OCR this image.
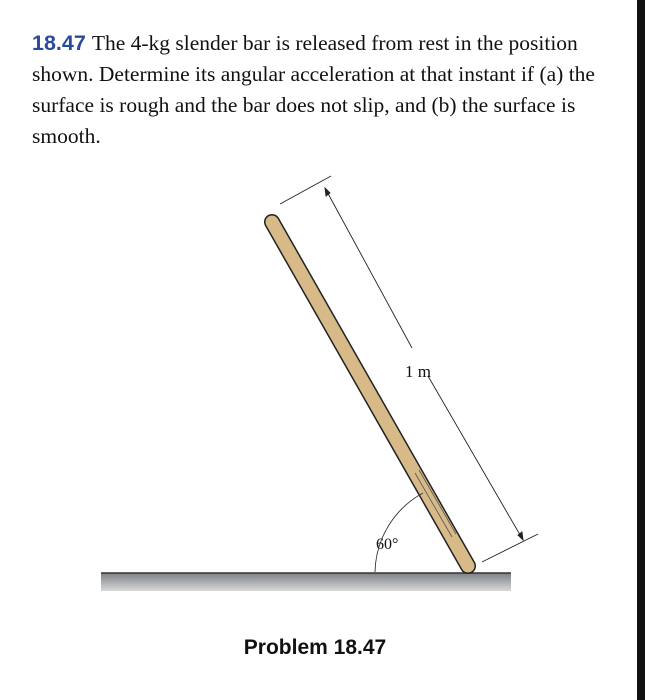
18.47 The 4-kg slender bar is released from rest in the position
shown. Determine its angular acceleration at that instant if (a) the
surface is rough and the bar does not slip, and (b) the surface is
smooth.
1 m
60°
Problem 18.47
